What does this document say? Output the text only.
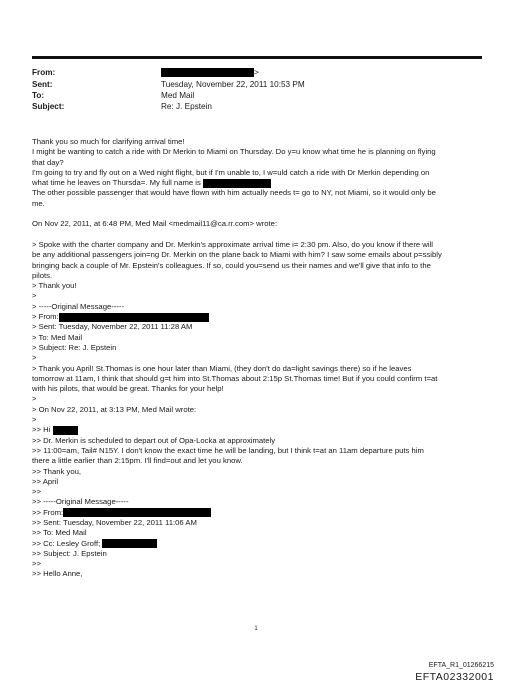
From:	>
Sent:	Tuesday, November 22, 2011 10:53 PM
To:	Med Mail
Subject:	Re: J. Epstein

Thank you so much for clarifying arrival time!

I might be wanting to catch a ride with Dr Merkin to Miami on Thursday. Do y=u know what time he is planning on flying

that day?

I'm going to try and fly out on a Wed night flight, but if I'm unable to, I w=uld catch a ride with Dr Merkin depending on

what time he leaves on Thursda=. My full name is

The other possible passenger that would have flown with him actually needs t= go to NY, not Miami, so it would only be

me.

On Nov 22, 2011, at 6:48 PM, Med Mail <medmail11@ca.rr.com> wrote:

> Spoke with the charter company and Dr. Merkin's approximate arrival time i= 2:30 pm. Also, do you know if there will

be any additional passengers join=ng Dr. Merkin on the plane back to Miami with him? I saw some emails about p=ssibly

bringing back a couple of Mr. Epstein's colleagues. If so, could you=send us their names and we'll give that info to the

pilots.

> Thank you!

>

> -----Original Message-----

> From:

> Sent: Tuesday, November 22, 2011 11:28 AM

> To: Med Mail

> Subject: Re: J. Epstein

>

> Thank you April! St.Thomas is one hour later than Miami, (they don't do da=light savings there) so if he leaves

tomorrow at 11am, I think that should g=t him into St.Thomas about 2:15p St.Thomas time! But if you could confirm t=at

with his pilots, that would be great. Thanks for your help!

>

> On Nov 22, 2011, at 3:13 PM, Med Mail wrote:

>

>> Hi

>> Dr. Merkin is scheduled to depart out of Opa-Locka at approximately

>> 11:00=am, Tail# N15Y. I don't know the exact time he will be landing, but I think t=at an 11am departure puts him

there a little earlier than 2:15pm. I'll find=out and let you know.

>> Thank you,

>> April

>>

>> -----Original Message-----

>> From:

>> Sent: Tuesday, November 22, 2011 11:06 AM

>> To: Med Mail

>> Cc: Lesley Groff;

>> Subject: J. Epstein

>>

>> Hello Anne,

1
EFTA_R1_01266215
EFTA02332001
